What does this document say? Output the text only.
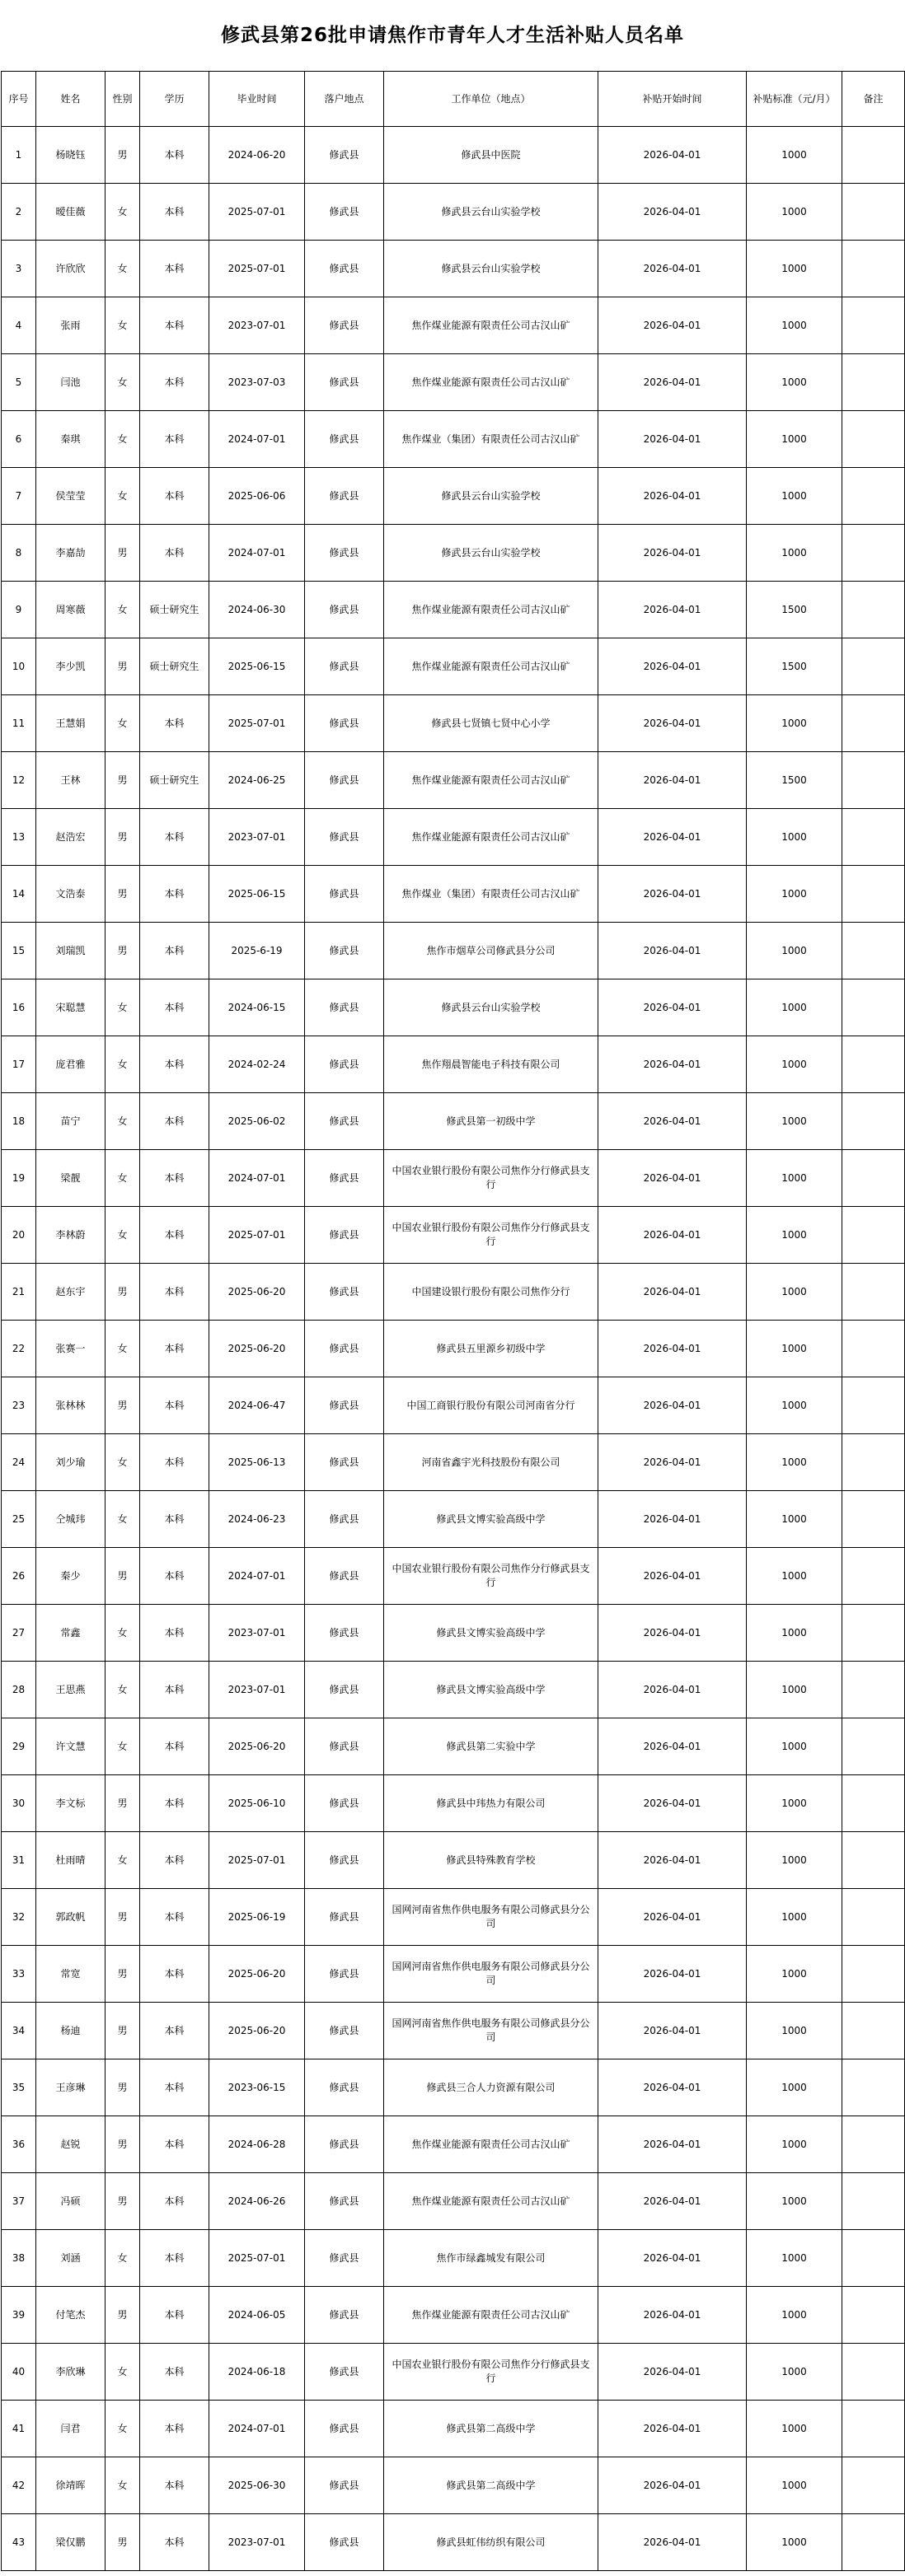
修武县第26批申请焦作市青年人才生活补贴人员名单
序号	姓名	性别	学历	毕业时间	落户地点	工作单位（地点）	补贴开始时间	补贴标准（元/月）	备注
1	杨晓钰	男	本科	2024-06-20	修武县	修武县中医院	2026-04-01	1000	
2	暧佳薇	女	本科	2025-07-01	修武县	修武县云台山实验学校	2026-04-01	1000	
3	许欣欣	女	本科	2025-07-01	修武县	修武县云台山实验学校	2026-04-01	1000	
4	张雨	女	本科	2023-07-01	修武县	焦作煤业能源有限责任公司古汉山矿	2026-04-01	1000	
5	闫池	女	本科	2023-07-03	修武县	焦作煤业能源有限责任公司古汉山矿	2026-04-01	1000	
6	秦琪	女	本科	2024-07-01	修武县	焦作煤业（集团）有限责任公司古汉山矿	2026-04-01	1000	
7	侯莹莹	女	本科	2025-06-06	修武县	修武县云台山实验学校	2026-04-01	1000	
8	李嘉劼	男	本科	2024-07-01	修武县	修武县云台山实验学校	2026-04-01	1000	
9	周寒薇	女	硕士研究生	2024-06-30	修武县	焦作煤业能源有限责任公司古汉山矿	2026-04-01	1500	
10	李少凯	男	硕士研究生	2025-06-15	修武县	焦作煤业能源有限责任公司古汉山矿	2026-04-01	1500	
11	王慧娟	女	本科	2025-07-01	修武县	修武县七贤镇七贤中心小学	2026-04-01	1000	
12	王林	男	硕士研究生	2024-06-25	修武县	焦作煤业能源有限责任公司古汉山矿	2026-04-01	1500	
13	赵浩宏	男	本科	2023-07-01	修武县	焦作煤业能源有限责任公司古汉山矿	2026-04-01	1000	
14	文浩泰	男	本科	2025-06-15	修武县	焦作煤业（集团）有限责任公司古汉山矿	2026-04-01	1000	
15	刘瑞凯	男	本科	2025-6-19	修武县	焦作市烟草公司修武县分公司	2026-04-01	1000	
16	宋聪慧	女	本科	2024-06-15	修武县	修武县云台山实验学校	2026-04-01	1000	
17	庞君雅	女	本科	2024-02-24	修武县	焦作翔晨智能电子科技有限公司	2026-04-01	1000	
18	苗宁	女	本科	2025-06-02	修武县	修武县第一初级中学	2026-04-01	1000	
19	梁靓	女	本科	2024-07-01	修武县	中国农业银行股份有限公司焦作分行修武县支行	2026-04-01	1000	
20	李林蔚	女	本科	2025-07-01	修武县	中国农业银行股份有限公司焦作分行修武县支行	2026-04-01	1000	
21	赵东宇	男	本科	2025-06-20	修武县	中国建设银行股份有限公司焦作分行	2026-04-01	1000	
22	张赛一	女	本科	2025-06-20	修武县	修武县五里源乡初级中学	2026-04-01	1000	
23	张林林	男	本科	2024-06-47	修武县	中国工商银行股份有限公司河南省分行	2026-04-01	1000	
24	刘少瑜	女	本科	2025-06-13	修武县	河南省鑫宇光科技股份有限公司	2026-04-01	1000	
25	仝城玮	女	本科	2024-06-23	修武县	修武县文博实验高级中学	2026-04-01	1000	
26	秦少	男	本科	2024-07-01	修武县	中国农业银行股份有限公司焦作分行修武县支行	2026-04-01	1000	
27	常鑫	女	本科	2023-07-01	修武县	修武县文博实验高级中学	2026-04-01	1000	
28	王思燕	女	本科	2023-07-01	修武县	修武县文博实验高级中学	2026-04-01	1000	
29	许文慧	女	本科	2025-06-20	修武县	修武县第二实验中学	2026-04-01	1000	
30	李文标	男	本科	2025-06-10	修武县	修武县中玮热力有限公司	2026-04-01	1000	
31	杜雨晴	女	本科	2025-07-01	修武县	修武县特殊教育学校	2026-04-01	1000	
32	郭政帆	男	本科	2025-06-19	修武县	国网河南省焦作供电服务有限公司修武县分公司	2026-04-01	1000	
33	常宽	男	本科	2025-06-20	修武县	国网河南省焦作供电服务有限公司修武县分公司	2026-04-01	1000	
34	杨迪	男	本科	2025-06-20	修武县	国网河南省焦作供电服务有限公司修武县分公司	2026-04-01	1000	
35	王彦琳	男	本科	2023-06-15	修武县	修武县三合人力资源有限公司	2026-04-01	1000	
36	赵锐	男	本科	2024-06-28	修武县	焦作煤业能源有限责任公司古汉山矿	2026-04-01	1000	
37	冯硕	男	本科	2024-06-26	修武县	焦作煤业能源有限责任公司古汉山矿	2026-04-01	1000	
38	刘涵	女	本科	2025-07-01	修武县	焦作市绿鑫城发有限公司	2026-04-01	1000	
39	付笔杰	男	本科	2024-06-05	修武县	焦作煤业能源有限责任公司古汉山矿	2026-04-01	1000	
40	李欣琳	女	本科	2024-06-18	修武县	中国农业银行股份有限公司焦作分行修武县支行	2026-04-01	1000	
41	闫君	女	本科	2024-07-01	修武县	修武县第二高级中学	2026-04-01	1000	
42	徐靖晖	女	本科	2025-06-30	修武县	修武县第二高级中学	2026-04-01	1000	
43	梁仅鹏	男	本科	2023-07-01	修武县	修武县虹伟纺织有限公司	2026-04-01	1000	
